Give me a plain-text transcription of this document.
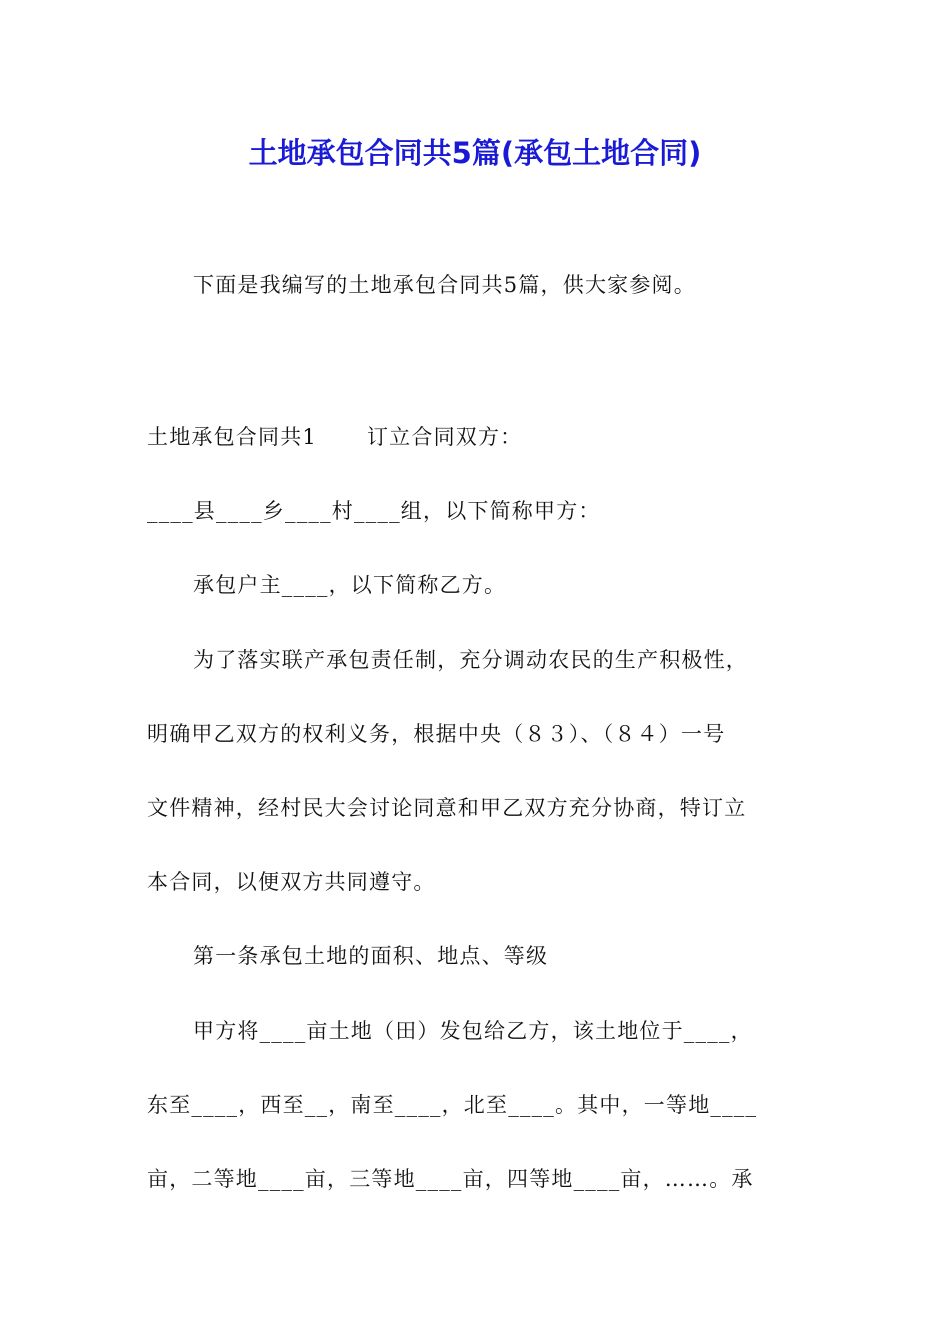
土地承包合同共5篇(承包土地合同)
下面是我编写的土地承包合同共5篇，供大家参阅。
土地承包合同共1 订立合同双方：
____县____乡____村____组，以下简称甲方：
承包户主____，以下简称乙方。
为了落实联产承包责任制，充分调动农民的生产积极性，
明确甲乙双方的权利义务，根据中央（８３）、（８４）一号
文件精神，经村民大会讨论同意和甲乙双方充分协商，特订立
本合同，以便双方共同遵守。
第一条承包土地的面积、地点、等级
甲方将____亩土地（田）发包给乙方，该土地位于____，
东至____，西至__，南至____，北至____。其中，一等地____
亩，二等地____亩，三等地____亩，四等地____亩，……。承
